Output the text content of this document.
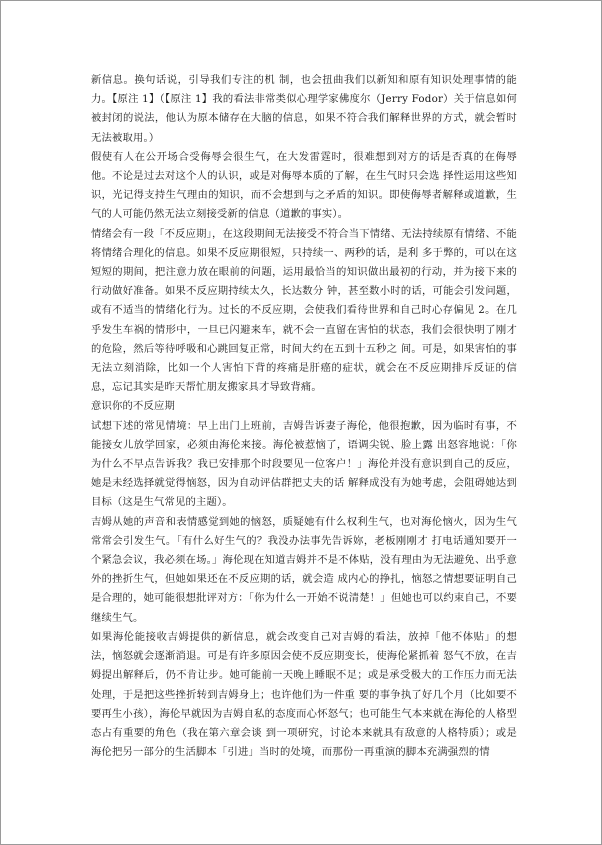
新信息。换句话说，引导我们专注的机 制，也会扭曲我们以新知和原有知识处理事情的能力。【原注 1】（【原注 1】我的看法非常类似心理学家佛度尔（Jerry Fodor）关于信息如何被封闭的说法，他认为原本储存在大脑的信息，如果不符合我们解释世界的方式，就会暂时无法被取用。）

假使有人在公开场合受侮辱会很生气，在大发雷霆时，很难想到对方的话是否真的在侮辱他。不论是过去对这个人的认识，或是对侮辱本质的了解，在生气时只会选 择性运用这些知识，光记得支持生气理由的知识，而不会想到与之矛盾的知识。即使侮辱者解释或道歉，生气的人可能仍然无法立刻接受新的信息（道歉的事实）。

情绪会有一段「不反应期」，在这段期间无法接受不符合当下情绪、无法持续原有情绪、不能将情绪合理化的信息。如果不反应期很短，只持续一、两秒的话，是利 多于弊的，可以在这短短的期间，把注意力放在眼前的问题，运用最恰当的知识做出最初的行动，并为接下来的行动做好准备。如果不反应期持续太久，长达数分 钟，甚至数小时的话，可能会引发问题，或有不适当的情绪化行为。过长的不反应期，会使我们看待世界和自己时心存偏见 2。在几乎发生车祸的情形中，一旦已闪避来车，就不会一直留在害怕的状态，我们会很快明了刚才的危险，然后等待呼吸和心跳回复正常，时间大约在五到十五秒之 间。可是，如果害怕的事无法立刻消除，比如一个人害怕下背的疼痛是肝癌的症状，就会在不反应期排斥反证的信息，忘记其实是昨天帮忙朋友搬家具才导致背痛。

意识你的不反应期

试想下述的常见情境：早上出门上班前，吉姆告诉妻子海伦，他很抱歉，因为临时有事，不能接女儿放学回家，必须由海伦来接。海伦被惹恼了，语调尖锐、脸上露 出怒容地说：「你为什么不早点告诉我？我已安排那个时段要见一位客户！」海伦并没有意识到自己的反应，她是未经选择就觉得恼怒，因为自动评估群把丈夫的话 解释成没有为她考虑，会阻碍她达到目标（这是生气常见的主题）。

吉姆从她的声音和表情感觉到她的恼怒，质疑她有什么权利生气，也对海伦恼火，因为生气常常会引发生气。「有什么好生气的？我没办法事先告诉妳，老板刚刚才 打电话通知要开一个紧急会议，我必须在场。」海伦现在知道吉姆并不是不体贴，没有理由为无法避免、出乎意外的挫折生气，但她如果还在不反应期的话，就会造 成内心的挣扎，恼怒之情想要证明自己是合理的，她可能很想批评对方：「你为什么一开始不说清楚！」但她也可以约束自己，不要继续生气。

如果海伦能接收吉姆提供的新信息，就会改变自己对吉姆的看法，放掉「他不体贴」的想法，恼怒就会逐渐消退。可是有许多原因会使不反应期变长，使海伦紧抓着 怒气不放，在吉姆提出解释后，仍不肯让步。她可能前一天晚上睡眠不足；或是承受极大的工作压力而无法处理，于是把这些挫折转到吉姆身上；也许他们为一件重 要的事争执了好几个月（比如要不要再生小孩），海伦早就因为吉姆自私的态度而心怀怒气；也可能生气本来就在海伦的人格型态占有重要的角色（我在第六章会谈 到一项研究，讨论本来就具有敌意的人格特质）；或是海伦把另一部分的生活脚本「引进」当时的处境，而那份一再重演的脚本充满强烈的情
